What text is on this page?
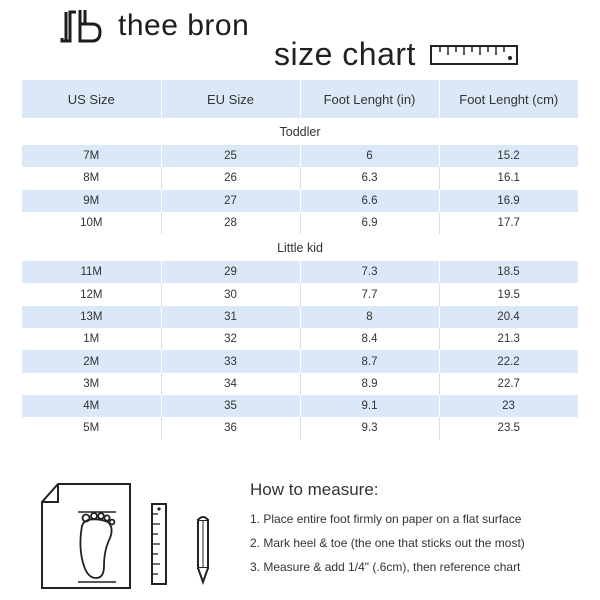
thee bron
size chart
US Size	EU Size	Foot Lenght (in)	Foot Lenght (cm)
Toddler			
7M	25	6	15.2
8M	26	6.3	16.1
9M	27	6.6	16.9
10M	28	6.9	17.7
Little kid			
11M	29	7.3	18.5
12M	30	7.7	19.5
13M	31	8	20.4
1M	32	8.4	21.3
2M	33	8.7	22.2
3M	34	8.9	22.7
4M	35	9.1	23
5M	36	9.3	23.5
How to measure:
1. Place entire foot firmly on paper on a flat surface
2. Mark heel & toe (the one that sticks out the most)
3. Measure & add 1/4" (.6cm), then reference chart
